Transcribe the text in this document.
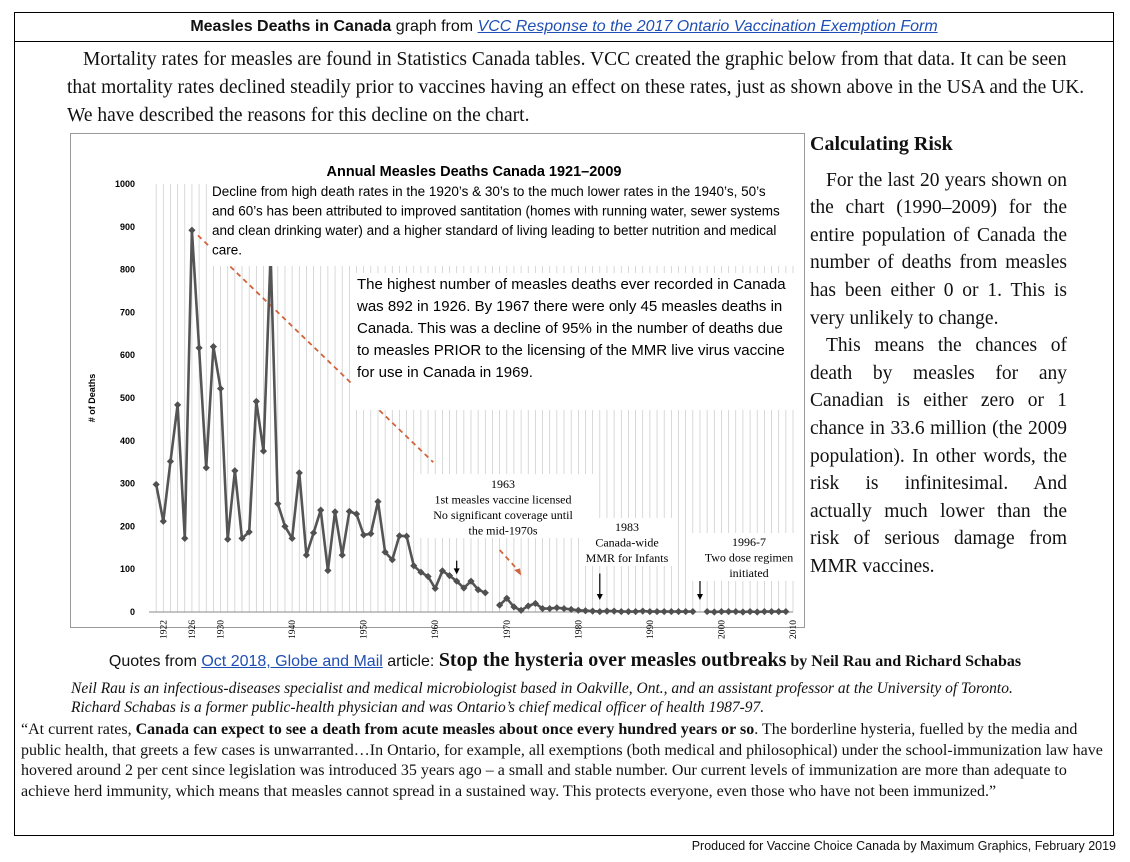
Measles Deaths in Canada graph from VCC Response to the 2017 Ontario Vaccination Exemption Form
Mortality rates for measles are found in Statistics Canada tables. VCC created the graphic below from that data. It can be seen that mortality rates declined steadily prior to vaccines having an effect on these rates, just as shown above in the USA and the UK. We have described the reasons for this decline on the chart.
0
100
200
300
400
500
600
700
800
900
1000
1922 1926 1930	1940	1950	1960	1970	1980	1990	2000	2010
# of Deaths
Annual Measles Deaths Canada 1921–2009
Decline from high death rates in the 1920’s & 30’s to the much lower rates in the 1940’s, 50’s
and 60’s has been attributed to improved santitation (homes with running water, sewer systems
and clean drinking water) and a higher standard of living leading to better nutrition and medical
care.
The highest number of measles deaths ever recorded in Canada
was 892 in 1926. By 1967 there were only 45 measles deaths in
Canada. This was a decline of 95% in the number of deaths due
to measles PRIOR to the licensing of the MMR live virus vaccine
for use in Canada in 1969.
1963
1st measles vaccine licensed
No significant coverage until
the mid-1970s	1983
Canada-wide
MMR for Infants
1996-7
Two dose regimen
initiated
Calculating Risk

For the last 20 years shown on the chart (1990–2009) for the entire population of Canada the number of deaths from measles has been either 0 or 1. This is very unlikely to change.

This means the chances of death by measles for any Canadian is either zero or 1 chance in 33.6 million (the 2009 population). In other words, the risk is infinitesimal. And actually much lower than the risk of serious damage from MMR vaccines.

Quotes from Oct 2018, Globe and Mail article: Stop the hysteria over measles outbreaks by Neil Rau and Richard Schabas
Neil Rau is an infectious-diseases specialist and medical microbiologist based in Oakville, Ont., and an assistant professor at the University of Toronto.
Richard Schabas is a former public-health physician and was Ontario’s chief medical officer of health 1987-97.
“At current rates, Canada can expect to see a death from acute measles about once every hundred years or so. The borderline hysteria, fuelled by the media and public health, that greets a few cases is unwarranted…In Ontario, for example, all exemptions (both medical and philosophical) under the school-immunization law have hovered around 2 per cent since legislation was introduced 35 years ago – a small and stable number. Our current levels of immunization are more than adequate to achieve herd immunity, which means that measles cannot spread in a sustained way. This protects everyone, even those who have not been immunized.”
Produced for Vaccine Choice Canada by Maximum Graphics, February 2019
